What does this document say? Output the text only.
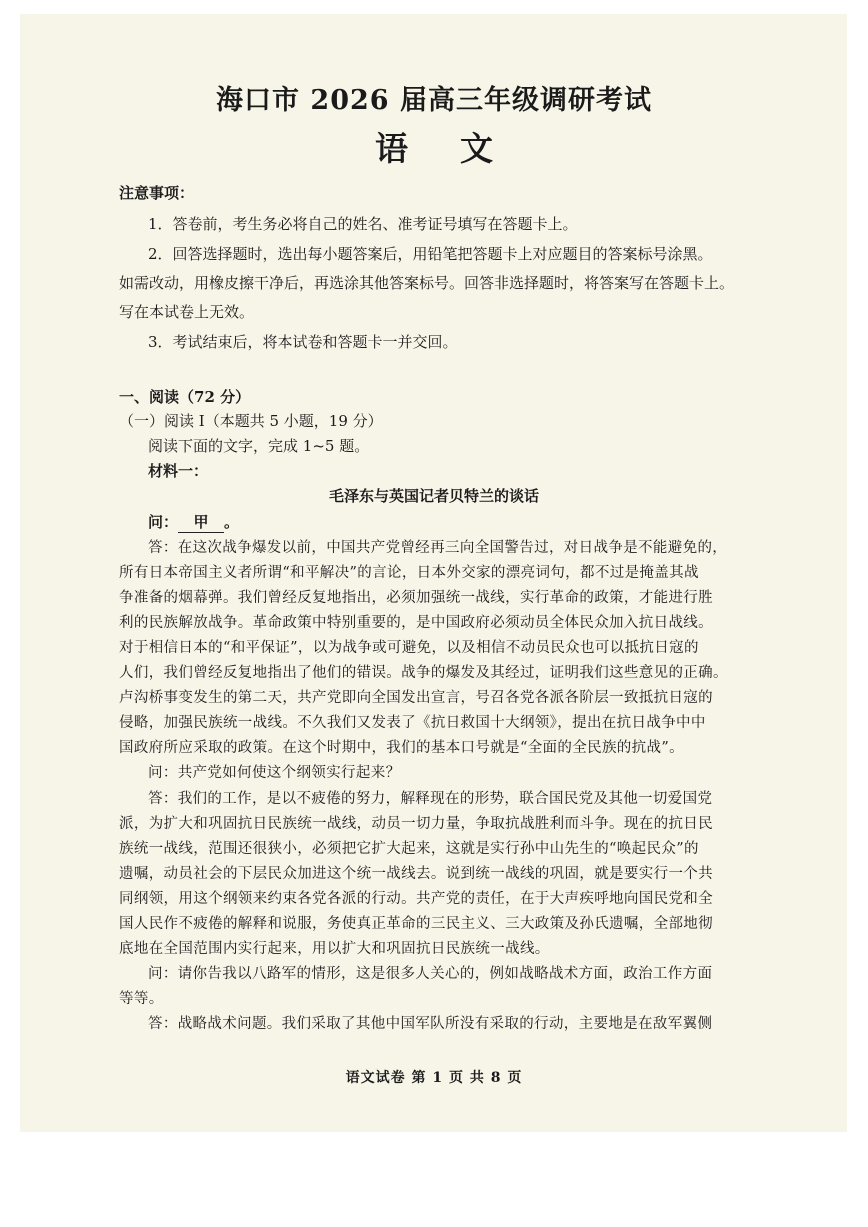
海口市 2026 届高三年级调研考试
语文
注意事项：
1．答卷前，考生务必将自己的姓名、准考证号填写在答题卡上。
2．回答选择题时，选出每小题答案后，用铅笔把答题卡上对应题目的答案标号涂黑。
如需改动，用橡皮擦干净后，再选涂其他答案标号。回答非选择题时，将答案写在答题卡上。
写在本试卷上无效。
3．考试结束后，将本试卷和答题卡一并交回。
一、阅读（72 分）
（一）阅读 I（本题共 5 小题，19 分）
阅读下面的文字，完成 1~5 题。
材料一：
毛泽东与英国记者贝特兰的谈话
问： 甲 。
答：在这次战争爆发以前，中国共产党曾经再三向全国警告过，对日战争是不能避免的，
所有日本帝国主义者所谓“和平解决”的言论，日本外交家的漂亮词句，都不过是掩盖其战
争准备的烟幕弹。我们曾经反复地指出，必须加强统一战线，实行革命的政策，才能进行胜
利的民族解放战争。革命政策中特别重要的，是中国政府必须动员全体民众加入抗日战线。
对于相信日本的“和平保证”，以为战争或可避免，以及相信不动员民众也可以抵抗日寇的
人们，我们曾经反复地指出了他们的错误。战争的爆发及其经过，证明我们这些意见的正确。
卢沟桥事变发生的第二天，共产党即向全国发出宣言，号召各党各派各阶层一致抵抗日寇的
侵略，加强民族统一战线。不久我们又发表了《抗日救国十大纲领》，提出在抗日战争中中
国政府所应采取的政策。在这个时期中，我们的基本口号就是“全面的全民族的抗战”。
问：共产党如何使这个纲领实行起来？
答：我们的工作，是以不疲倦的努力，解释现在的形势，联合国民党及其他一切爱国党
派，为扩大和巩固抗日民族统一战线，动员一切力量，争取抗战胜利而斗争。现在的抗日民
族统一战线，范围还很狭小，必须把它扩大起来，这就是实行孙中山先生的“唤起民众”的
遗嘱，动员社会的下层民众加进这个统一战线去。说到统一战线的巩固，就是要实行一个共
同纲领，用这个纲领来约束各党各派的行动。共产党的责任，在于大声疾呼地向国民党和全
国人民作不疲倦的解释和说服，务使真正革命的三民主义、三大政策及孙氏遗嘱，全部地彻
底地在全国范围内实行起来，用以扩大和巩固抗日民族统一战线。
问：请你告我以八路军的情形，这是很多人关心的，例如战略战术方面，政治工作方面
等等。
答：战略战术问题。我们采取了其他中国军队所没有采取的行动，主要地是在敌军翼侧
语文试卷 第 1 页 共 8 页
